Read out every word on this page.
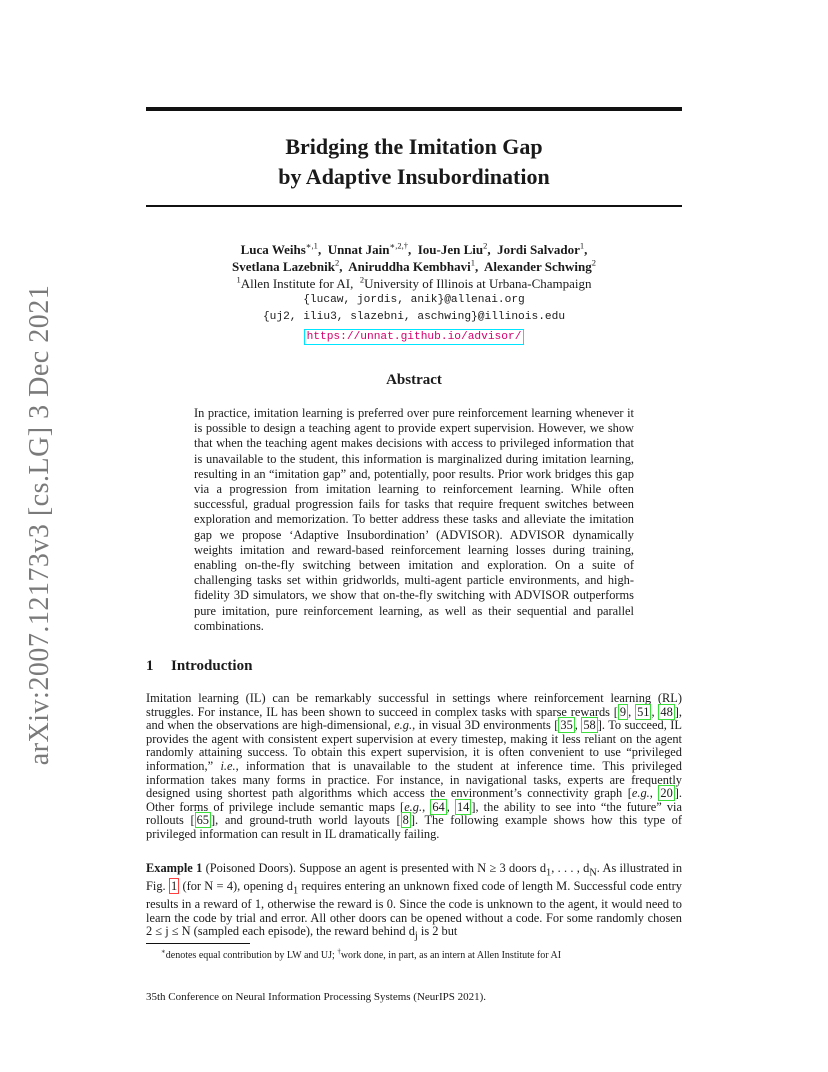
arXiv:2007.12173v3 [cs.LG] 3 Dec 2021
Bridging the Imitation Gap
by Adaptive Insubordination
Luca Weihs$^{∗,1}$,  Unnat Jain$^{∗,2,\dagger}$,  Iou-Jen Liu$^2$,  Jordi Salvador$^1$,
Svetlana Lazebnik$^2$,  Aniruddha Kembhavi$^1$,  Alexander Schwing$^2$
$^1$Allen Institute for AI, $^2$University of Illinois at Urbana-Champaign
{lucaw, jordis, anik}@allenai.org
{uj2, iliu3, slazebni, aschwing}@illinois.edu
https://unnat.github.io/advisor/
Abstract

In practice, imitation learning is preferred over pure reinforcement learning whenever it is possible to design a teaching agent to provide expert supervision. However, we show that when the teaching agent makes decisions with access to privileged information that is unavailable to the student, this information is marginalized during imitation learning, resulting in an “imitation gap” and, potentially, poor results. Prior work bridges this gap via a progression from imitation learning to reinforcement learning. While often successful, gradual progression fails for tasks that require frequent switches between exploration and memorization. To better address these tasks and alleviate the imitation gap we propose ‘Adaptive Insubordination’ (ADVISOR). ADVISOR dynamically weights imitation and reward-based reinforcement learning losses during training, enabling on-the-fly switching between imitation and exploration. On a suite of challenging tasks set within gridworlds, multi-agent particle environments, and high-fidelity 3D simulators, we show that on-the-fly switching with ADVISOR outperforms pure imitation, pure reinforcement learning, as well as their sequential and parallel combinations.

1 Introduction

Imitation learning (IL) can be remarkably successful in settings where reinforcement learning (RL) struggles. For instance, IL has been shown to succeed in complex tasks with sparse rewards [ 9 , 51 , 48 ], and when the observations are high-dimensional, e.g., in visual 3D environments [ 35 , 58 ]. To succeed, IL provides the agent with consistent expert supervision at every timestep, making it less reliant on the agent randomly attaining success. To obtain this expert supervision, it is often convenient to use “privileged information,” i.e., information that is unavailable to the student at inference time. This privileged information takes many forms in practice. For instance, in navigational tasks, experts are frequently designed using shortest path algorithms which access the environment’s connectivity graph [e.g., 20 ]. Other forms of privilege include semantic maps [e.g., 64 , 14 ], the ability to see into “the future” via rollouts [ 65 ], and ground-truth world layouts [ 8 ]. The following example shows how this type of privileged information can result in IL dramatically failing.

Example 1 (Poisoned Doors). Suppose an agent is presented with N ≥ 3 doors $d_1$, . . . , $d_N$. As illustrated in Fig. 1 (for N = 4), opening $d_1$ requires entering an unknown fixed code of length M. Successful code entry results in a reward of 1, otherwise the reward is 0. Since the code is unknown to the agent, it would need to learn the code by trial and error. All other doors can be opened without a code. For some randomly chosen 2 ≤ j ≤ N (sampled each episode), the reward behind $d_j$ is 2 but

∗denotes equal contribution by LW and UJ; †work done, in part, as an intern at Allen Institute for AI
35th Conference on Neural Information Processing Systems (NeurIPS 2021).
